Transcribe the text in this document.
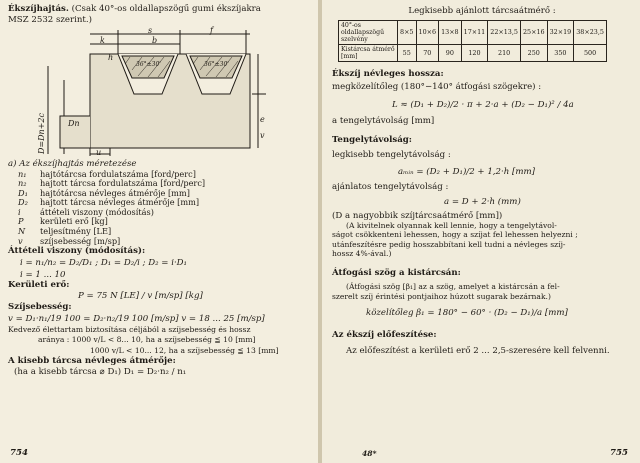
Ékszíjhajtás. (Csak 40°-os oldallapszögű gumi ékszíjakra
MSZ 2532 szerint.)
s	f
k	b
h
36°±30'	36°±30'
e
v
u
Dn
D=Dn+2c
a) Az ékszíjhajtás méretezése
n₁	hajtótárcsa fordulatszáma [ford/perc]
n₂	hajtott tárcsa fordulatszáma [ford/perc]
D₁	hajtótárcsa névleges átmérője [mm]
D₂	hajtott tárcsa névleges átmérője [mm]
i	áttételi viszony (módosítás)
P	kerületi erő [kg]
N	teljesítmény [LE]
v	szíjsebesség [m/sp]
Áttételi viszony (módosítás):
i = n₁/n₂ = D₂/D₁ ; D₁ = D₂/i ; D₂ = i·D₁
i = 1 ... 10
Kerületi erő:
P = 75 N [LE] / v [m/sp] [kg]
Szíjsebesség:
v = D₁·n₁/19 100 = D₂·n₂/19 100 [m/sp] v = 18 ... 25 [m/sp]
Kedvező élettartam biztosítása céljából a szíjsebesség és hossz
aránya : 1000 v/L < 8... 10, ha a szíjsebesség ≦ 10 [mm]
1000 v/L < 10... 12, ha a szíjsebesség ≦ 13 [mm]
A kisebb tárcsa névleges átmérője:
(ha a kisebb tárcsa ⌀ D₁) D₁ = D₂·n₂ / n₁
754
Legkisebb ajánlott tárcsaátmérő :
40°-os oldallapszögű szelvény	8×5	10×6	13×8	17×11	22×13,5	25×16	32×19	38×23,5
Kistárcsa átmérő [mm]	55	70	90	120	210	250	350	500
Ékszíj névleges hossza:
megközelítőleg (180°−140° átfogási szögekre) :
L ≈ (D₁ + D₂)/2 · π + 2·a + (D₂ − D₁)² / 4a
a tengelytávolság [mm]
Tengelytávolság:
legkisebb tengelytávolság :
aₘᵢₙ = (D₂ + D₁)/2 + 1,2·h [mm]
ajánlatos tengelytávolság :
a = D + 2·h (mm)
(D a nagyobbik szíjtárcsaátmérő [mm])
(A kivitelnek olyannak kell lennie, hogy a tengelytávol-
ságot csökkenteni lehessen, hogy a szíjat fel lehessen helyezni ;
utánfeszítésre pedig hosszabbítani kell tudni a névleges szíj-
hossz 4%-ával.)
Átfogási szög a kistárcsán:
(Átfogási szög [β₁] az a szög, amelyet a kistárcsán a fel-
szerelt szíj érintési pontjaihoz húzott sugarak bezárnak.)
közelítőleg β₁ = 180° − 60° · (D₂ − D₁)/a [mm]
Az ékszíj előfeszítése:
Az előfeszítést a kerületi erő 2 ... 2,5-szeresére kell felvenni.
48*	755
